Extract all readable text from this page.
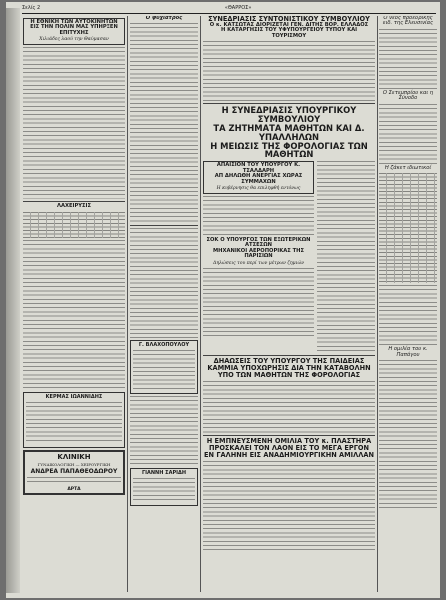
Σελίς 2	«ΘΑΡΡΟΣ»
Η ΕΘΝΙΚΗ ΤΩΝ ΑΥΤΟΚΙΝΗΤΩΝ ΕΙΣ ΤΗΝ ΠΟΛΙΝ ΜΑΣ ΥΠΗΡΞΕΝ ΕΠΙΤΥΧΗΣ
Χιλιάδες λαού την Θαύμασαν
ΛΑΧΕΙΡΥΣΙΣ
ΚΕΡΜΑΣ ΙΩΑΝΝΙΔΗΣ
ΚΛΙΝΙΚΗ
ΓΥΝΑΙΚΟΛΟΓΙΚΗ — ΧΕΙΡΟΥΡΓΙΚΗ
ΑΝΔΡΕΑ ΠΑΠΑΘΕΟΔΩΡΟΥ
ΑΡΤΑ
Ο ψυχίατρος
Γ. ΒΛΑΧΟΠΟΥΛΟΥ
ΓΙΑΝΝΗ ΣΑΡΙΔΗ
ΣΥΝΕΔΡΙΑΣΙΣ ΣΥΝΤΟΝΙΣΤΙΚΟΥ ΣΥΜΒΟΥΛΙΟΥ
Ο κ. ΚΑΤΣΩΤΑΣ ΔΙΟΡΙΖΕΤΑΙ ΓΕΝ. ΔΙΤΗΣ ΒΟΡ. ΕΛΛΑΔΟΣ
Η ΚΑΤΑΡΓΗΣΙΣ ΤΟΥ ΥΦΥΠΟΥΡΓΕΙΟΥ ΤΥΠΟΥ ΚΑΙ ΤΟΥΡΙΣΜΟΥ
Η ΣΥΝΕΔΡΙΑΣΙΣ ΥΠΟΥΡΓΙΚΟΥ ΣΥΜΒΟΥΛΙΟΥ
ΤΑ ΖΗΤΗΜΑΤΑ ΜΑΘΗΤΩΝ ΚΑΙ Δ. ΥΠΑΛΛΗΛΩΝ
Η ΜΕΙΩΣΙΣ ΤΗΣ ΦΟΡΟΛΟΓΙΑΣ ΤΩΝ ΜΑΘΗΤΩΝ
ΑΠΑΙΣΙΟΝ ΤΟΥ ΥΠΟΥΡΓΟΥ Κ. ΤΣΑΛΔΑΡΗ
ΑΠ ΔΗΛΩΘΗ ΑΝΕΡΓΙΑΣ ΧΩΡΑΣ ΣΥΜΜΑΧΩΝ
Η κυβέρνησις θα επιληφθή εντόνως
ΣΟΚ Ο ΥΠΟΥΡΓΟΣ ΤΩΝ ΕΞΩΤΕΡΙΚΩΝ ΑΤΣΕΣΩΝ
ΜΗΧΑΝΙΚΟΙ ΑΕΡΟΠΟΡΙΚΑΣ ΤΗΣ ΠΑΡΙΣΙΩΝ
Δηλώσεις του περί των μέτρων ζημιών
ΔΗΑΩΣΕΙΣ ΤΟΥ ΥΠΟΥΡΓΟΥ ΤΗΣ ΠΑΙΔΕΙΑΣ
ΚΑΜΜΙΑ ΥΠΟΧΩΡΗΣΙΣ ΔΙΑ ΤΗΝ ΚΑΤΑΒΟΛΗΝ
ΥΠΟ ΤΩΝ ΜΑΘΗΤΩΝ ΤΗΣ ΦΟΡΟΛΟΓΙΑΣ
Η ΕΜΠΝΕΥΣΜΕΝΗ ΟΜΙΛΙΑ ΤΟΥ κ. ΠΛΑΣΤΗΡΑ
ΠΡΟΣΚΑΛΕΙ ΤΟΝ ΛΑΟΝ ΕΙΣ ΤΟ ΜΕΓΑ ΕΡΓΟΝ
ΕΝ ΓΑΛΗΝΗ ΕΙΣ ΑΝΑΔΗΜΙΟΥΡΓΙΚΗΝ ΑΜΙΛΛΑΝ
Ο νέος προεδρικής ειδ. της Ελευσινίας
Ο Σετεμπρίου και η Σύνοδο
Η ζάκετ ιδιωτικοί
Η ομιλία του κ. Παπάγου
